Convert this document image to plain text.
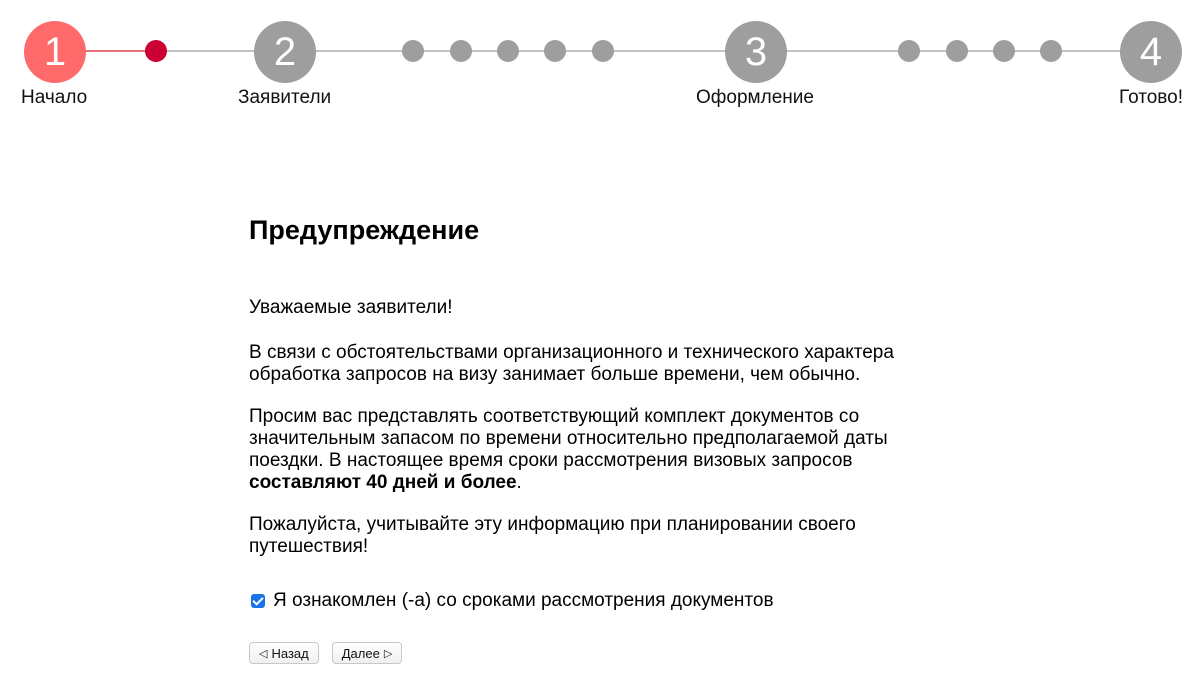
1	2	3	4
Начало	Заявители	Оформление	Готово!
Предупреждение

Уважаемые заявители!

В связи с обстоятельствами организационного и технического характера обработка запросов на визу занимает больше времени, чем обычно.

Просим вас представлять соответствующий комплект документов со значительным запасом по времени относительно предполагаемой даты поездки. В настоящее время сроки рассмотрения визовых запросов составляют 40 дней и более.

Пожалуйста, учитывайте эту информацию при планировании своего путешествия!

Я ознакомлен (-а) со сроками рассмотрения документов
◁ Назад	Далее ▷
